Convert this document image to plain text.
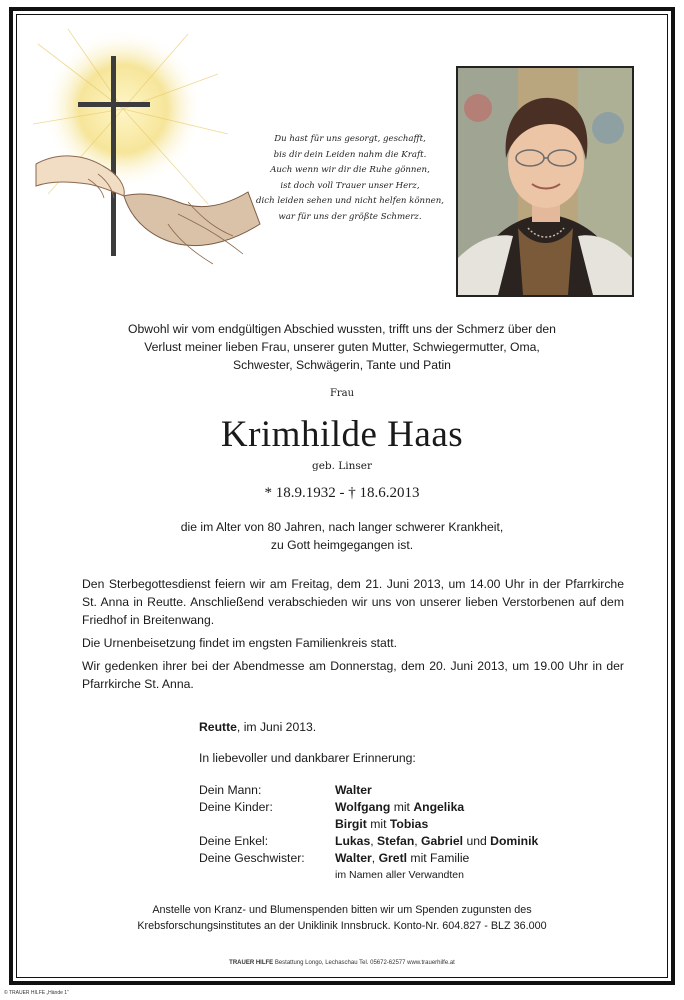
Du hast für uns gesorgt, geschafft,
bis dir dein Leiden nahm die Kraft.
Auch wenn wir dir die Ruhe gönnen,
ist doch voll Trauer unser Herz,
dich leiden sehen und nicht helfen können,
war für uns der größte Schmerz.
Obwohl wir vom endgültigen Abschied wussten, trifft uns der Schmerz über den
Verlust meiner lieben Frau, unserer guten Mutter, Schwiegermutter, Oma,
Schwester, Schwägerin, Tante und Patin
Frau
Krimhilde Haas
geb. Linser
* 18.9.1932 - † 18.6.2013
die im Alter von 80 Jahren, nach langer schwerer Krankheit,
zu Gott heimgegangen ist.

Den Sterbegottesdienst feiern wir am Freitag, dem 21. Juni 2013, um 14.00 Uhr in der Pfarrkirche St. Anna in Reutte. Anschließend verabschieden wir uns von unserer lieben Verstorbenen auf dem Friedhof in Breitenwang.

Die Urnenbeisetzung findet im engsten Familienkreis statt.

Wir gedenken ihrer bei der Abendmesse am Donnerstag, dem 20. Juni 2013, um 19.00 Uhr in der Pfarrkirche St. Anna.

Reutte, im Juni 2013.
In liebevoller und dankbarer Erinnerung:
Dein Mann:	Walter
Deine Kinder:	Wolfgang mit Angelika
Birgit mit Tobias
Deine Enkel:	Lukas, Stefan, Gabriel und Dominik
Deine Geschwister:	Walter, Gretl mit Familie
im Namen aller Verwandten
Anstelle von Kranz- und Blumenspenden bitten wir um Spenden zugunsten des
Krebsforschungsinstitutes an der Uniklinik Innsbruck. Konto-Nr. 604.827 - BLZ 36.000
TRAUER HILFE Bestattung Longo, Lechaschau Tel. 05672-62577 www.trauerhilfe.at
© TRAUER HILFE „Hände 1“
